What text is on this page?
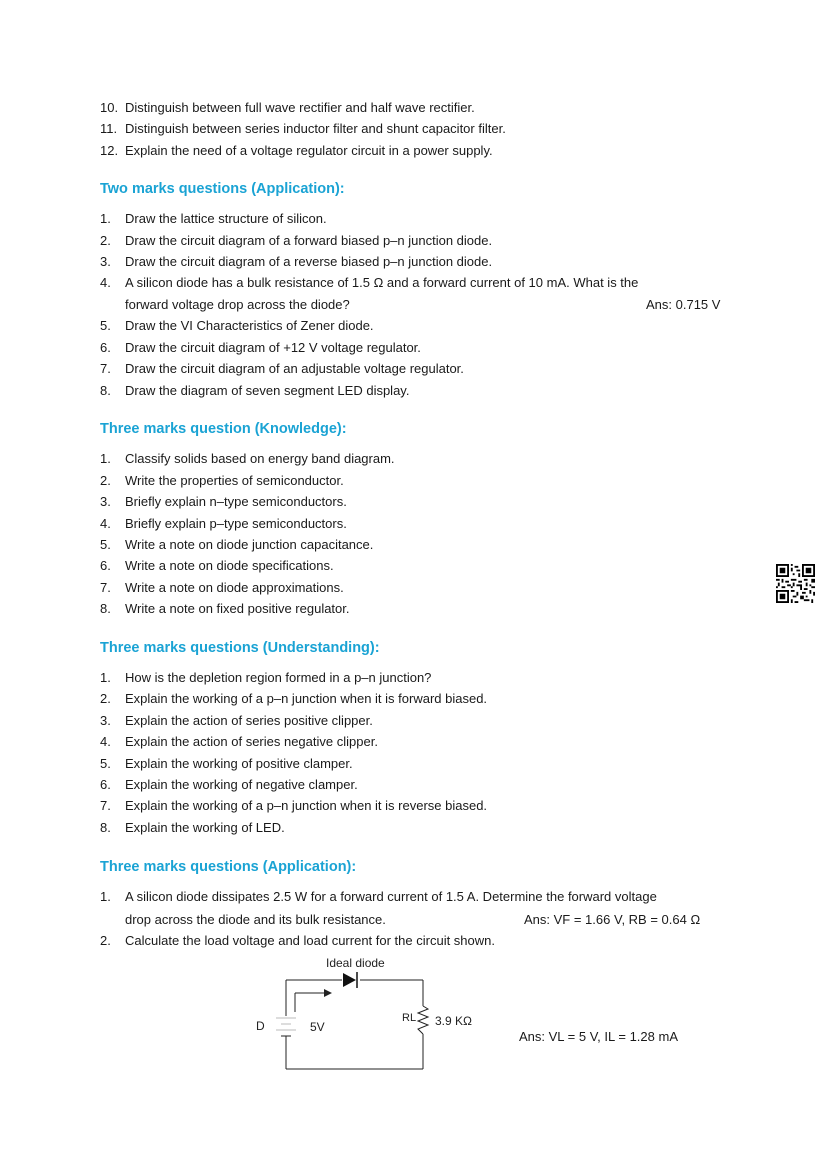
10. Distinguish between full wave rectifier and half wave rectifier.
11. Distinguish between series inductor filter and shunt capacitor filter.
12. Explain the need of a voltage regulator circuit in a power supply.
Two marks questions (Application):
1.	Draw the lattice structure of silicon.
2.	Draw the circuit diagram of a forward biased p–n junction diode.
3.	Draw the circuit diagram of a reverse biased p–n junction diode.
4.	A silicon diode has a bulk resistance of 1.5 Ω and a forward current of 10 mA. What is the
forward voltage drop across the diode?	Ans: 0.715 V
5.	Draw the VI Characteristics of Zener diode.
6.	Draw the circuit diagram of +12 V voltage regulator.
7.	Draw the circuit diagram of an adjustable voltage regulator.
8.	Draw the diagram of seven segment LED display.
Three marks question (Knowledge):
1.	Classify solids based on energy band diagram.
2.	Write the properties of semiconductor.
3.	Briefly explain n–type semiconductors.
4.	Briefly explain p–type semiconductors.
5.	Write a note on diode junction capacitance.
6.	Write a note on diode specifications.
7.	Write a note on diode approximations.
8.	Write a note on fixed positive regulator.
Three marks questions (Understanding):
1.	How is the depletion region formed in a p–n junction?
2.	Explain the working of a p–n junction when it is forward biased.
3.	Explain the action of series positive clipper.
4.	Explain the action of series negative clipper.
5.	Explain the working of positive clamper.
6.	Explain the working of negative clamper.
7.	Explain the working of a p–n junction when it is reverse biased.
8.	Explain the working of LED.
Three marks questions (Application):
1.	A silicon diode dissipates 2.5 W for a forward current of 1.5 A. Determine the forward voltage
drop across the diode and its bulk resistance.	Ans: VF = 1.66 V, RB = 0.64 Ω
2.	Calculate the load voltage and load current for the circuit shown.
Ideal diode
D	5V
RL 3.9 KΩ
Ans: VL = 5 V, IL = 1.28 mA
